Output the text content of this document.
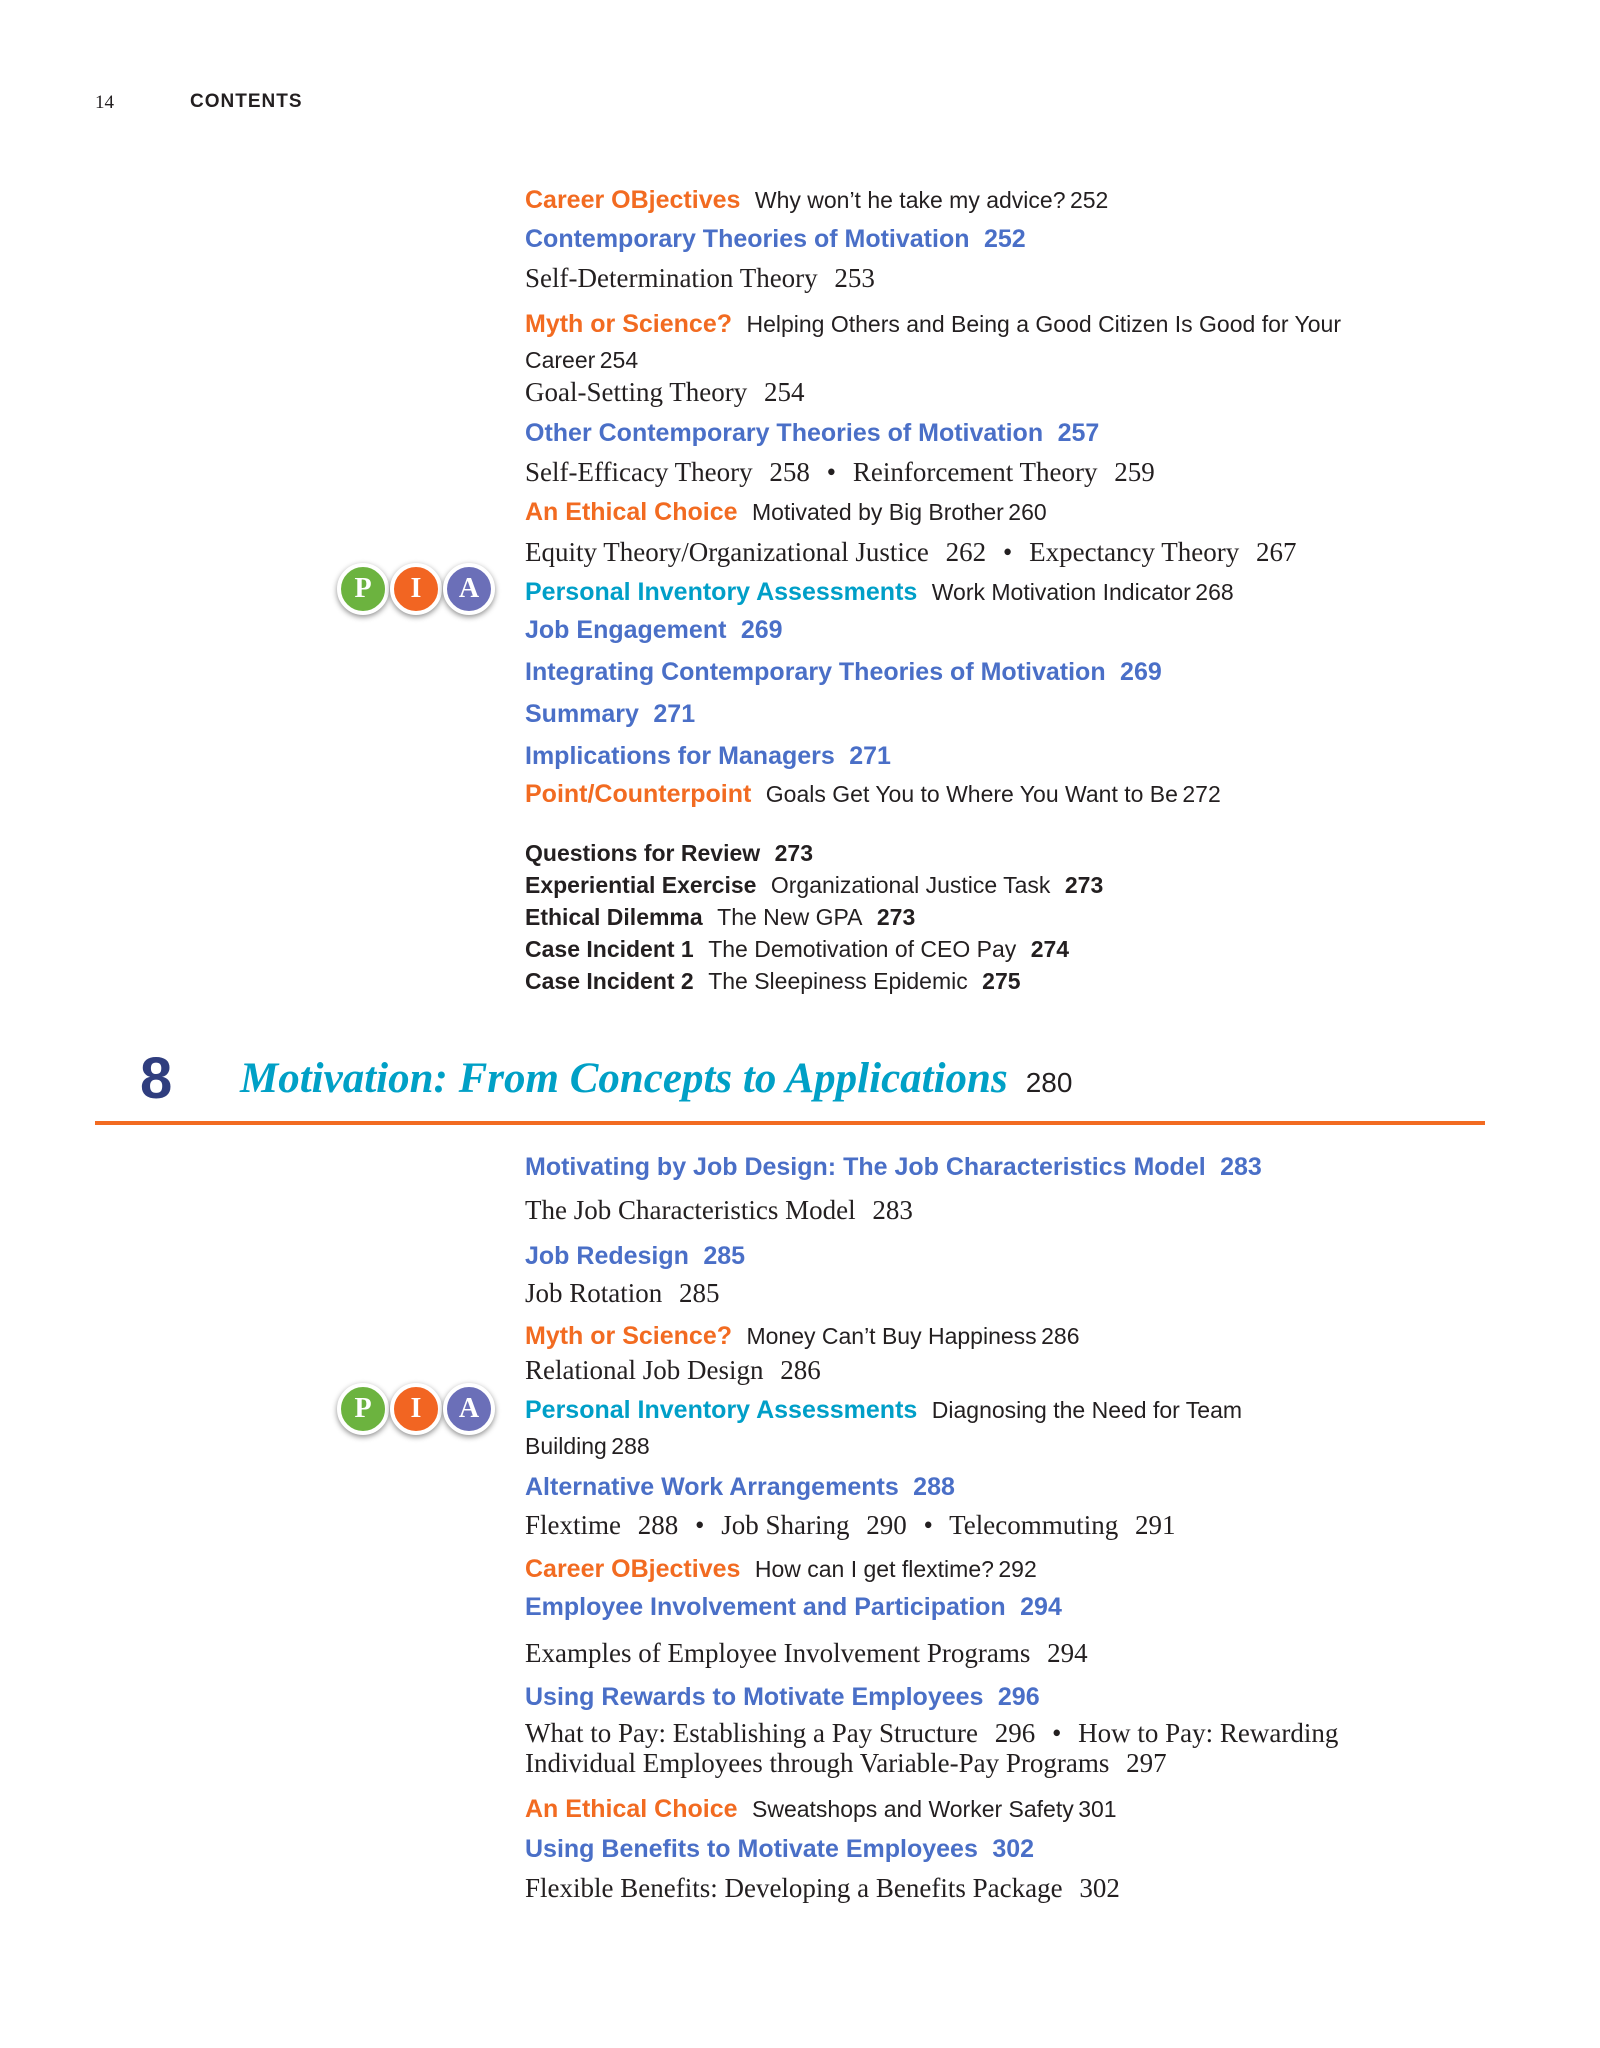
14	CONTENTS
P	I	A
P	I	A
Career OBjectives Why won’t he take my advice? 252
Contemporary Theories of Motivation 252
Self-Determination Theory 253
Myth or Science? Helping Others and Being a Good Citizen Is Good for Your Career 254
Goal-Setting Theory 254
Other Contemporary Theories of Motivation 257
Self-Efficacy Theory 258 • Reinforcement Theory 259
An Ethical Choice Motivated by Big Brother 260
Equity Theory/Organizational Justice 262 • Expectancy Theory 267
Personal Inventory Assessments Work Motivation Indicator 268
Job Engagement 269
Integrating Contemporary Theories of Motivation 269
Summary 271
Implications for Managers 271
Point/Counterpoint Goals Get You to Where You Want to Be 272
Questions for Review 273
Experiential Exercise Organizational Justice Task 273
Ethical Dilemma The New GPA 273
Case Incident 1 The Demotivation of CEO Pay 274
Case Incident 2 The Sleepiness Epidemic 275
8 Motivation: From Concepts to Applications 280
Motivating by Job Design: The Job Characteristics Model 283
The Job Characteristics Model 283
Job Redesign 285
Job Rotation 285
Myth or Science? Money Can’t Buy Happiness 286
Relational Job Design 286
Personal Inventory Assessments Diagnosing the Need for Team Building 288
Alternative Work Arrangements 288
Flextime 288 • Job Sharing 290 • Telecommuting 291
Career OBjectives How can I get flextime? 292
Employee Involvement and Participation 294
Examples of Employee Involvement Programs 294
Using Rewards to Motivate Employees 296
What to Pay: Establishing a Pay Structure 296 • How to Pay: Rewarding Individual Employees through Variable-Pay Programs 297
An Ethical Choice Sweatshops and Worker Safety 301
Using Benefits to Motivate Employees 302
Flexible Benefits: Developing a Benefits Package 302
